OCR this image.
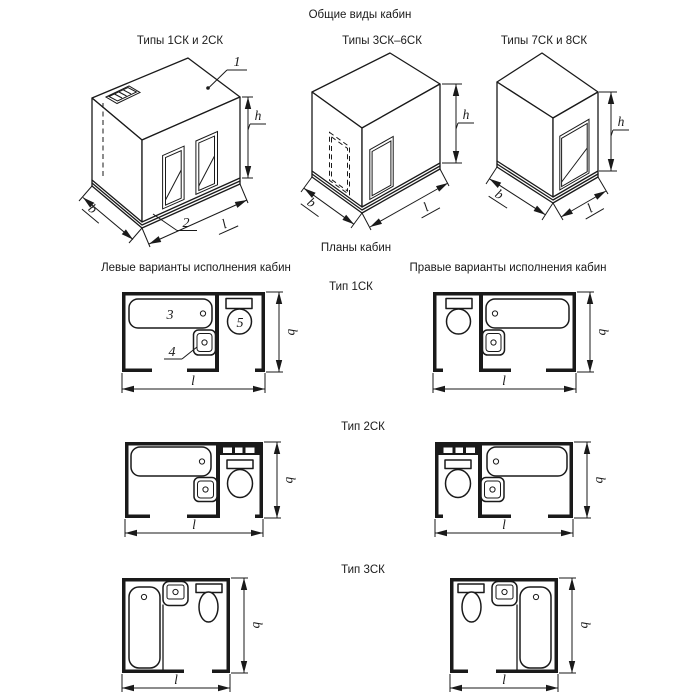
Общие виды кабин
Типы 1СК и 2СК	Типы 3СК–6СК	Типы 7СК и 8СК
1
2
h
b
l
h
b	l
h
b
l
Планы кабин
Левые варианты исполнения кабин	Правые варианты исполнения кабин
Тип 1СК
Тип 2СК
Тип 3СК
3
5
4
l
b
l
b
l
b
l
b
l
b
l
b
